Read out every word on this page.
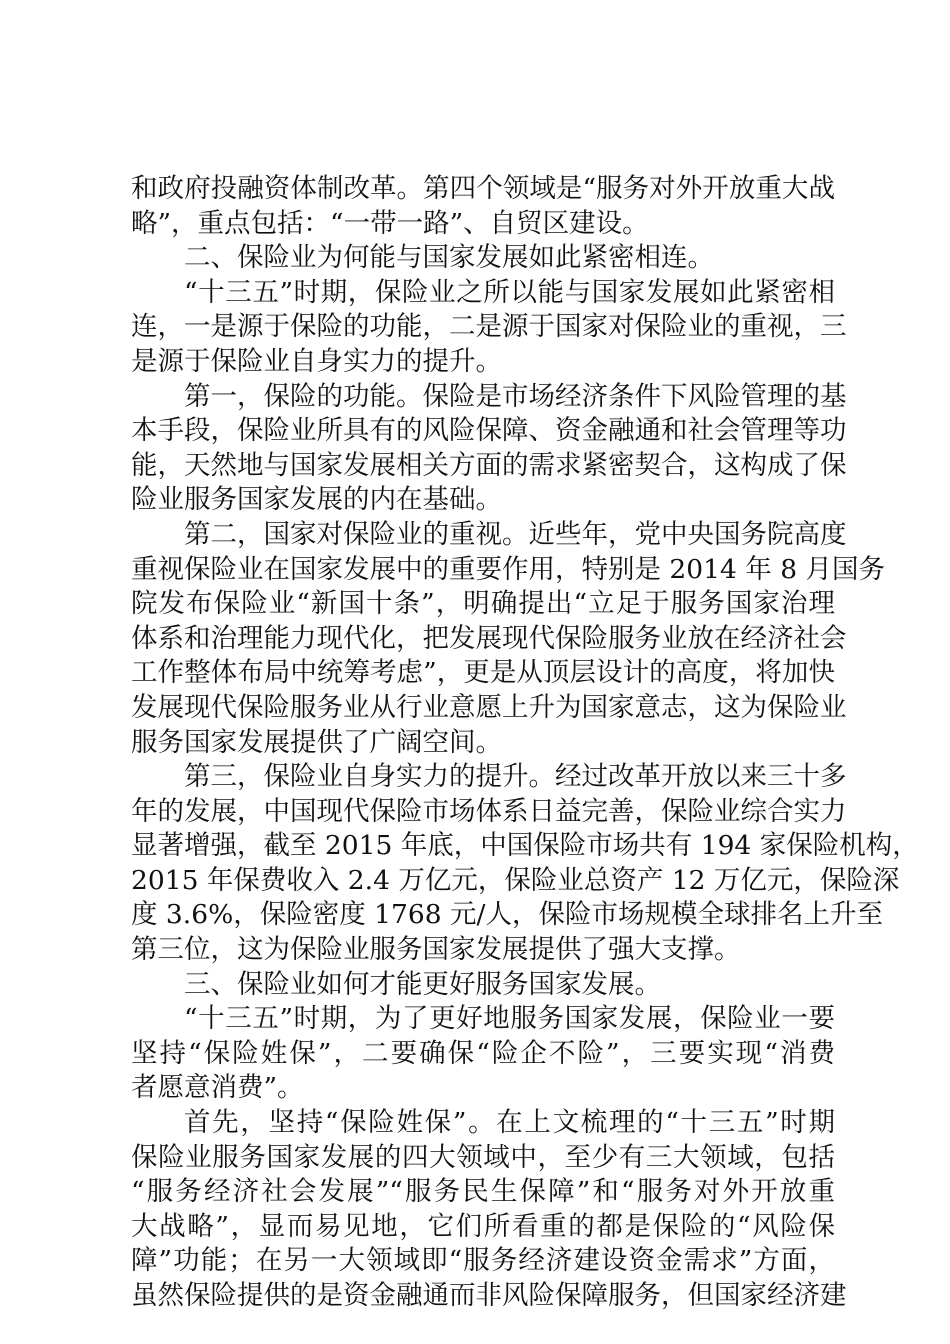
和政府投融资体制改革。第四个领域是“服务对外开放重大战
略”，重点包括：“一带一路”、自贸区建设。
二、保险业为何能与国家发展如此紧密相连。
“十三五”时期，保险业之所以能与国家发展如此紧密相
连，一是源于保险的功能，二是源于国家对保险业的重视，三
是源于保险业自身实力的提升。
第一，保险的功能。保险是市场经济条件下风险管理的基
本手段，保险业所具有的风险保障、资金融通和社会管理等功
能，天然地与国家发展相关方面的需求紧密契合，这构成了保
险业服务国家发展的内在基础。
第二，国家对保险业的重视。近些年，党中央国务院高度
重视保险业在国家发展中的重要作用，特别是 2014 年 8 月国务
院发布保险业“新国十条”，明确提出“立足于服务国家治理
体系和治理能力现代化，把发展现代保险服务业放在经济社会
工作整体布局中统筹考虑”，更是从顶层设计的高度，将加快
发展现代保险服务业从行业意愿上升为国家意志，这为保险业
服务国家发展提供了广阔空间。
第三，保险业自身实力的提升。经过改革开放以来三十多
年的发展，中国现代保险市场体系日益完善，保险业综合实力
显著增强，截至 2015 年底，中国保险市场共有 194 家保险机构，
2015 年保费收入 2.4 万亿元，保险业总资产 12 万亿元，保险深
度 3.6%，保险密度 1768 元/人，保险市场规模全球排名上升至
第三位，这为保险业服务国家发展提供了强大支撑。
三、保险业如何才能更好服务国家发展。
“十三五”时期，为了更好地服务国家发展，保险业一要
坚持“保险姓保”，二要确保“险企不险”，三要实现“消费
者愿意消费”。
首先，坚持“保险姓保”。在上文梳理的“十三五”时期
保险业服务国家发展的四大领域中，至少有三大领域，包括
“服务经济社会发展”“服务民生保障”和“服务对外开放重
大战略”，显而易见地，它们所看重的都是保险的“风险保
障”功能；在另一大领域即“服务经济建设资金需求”方面，
虽然保险提供的是资金融通而非风险保障服务，但国家经济建
